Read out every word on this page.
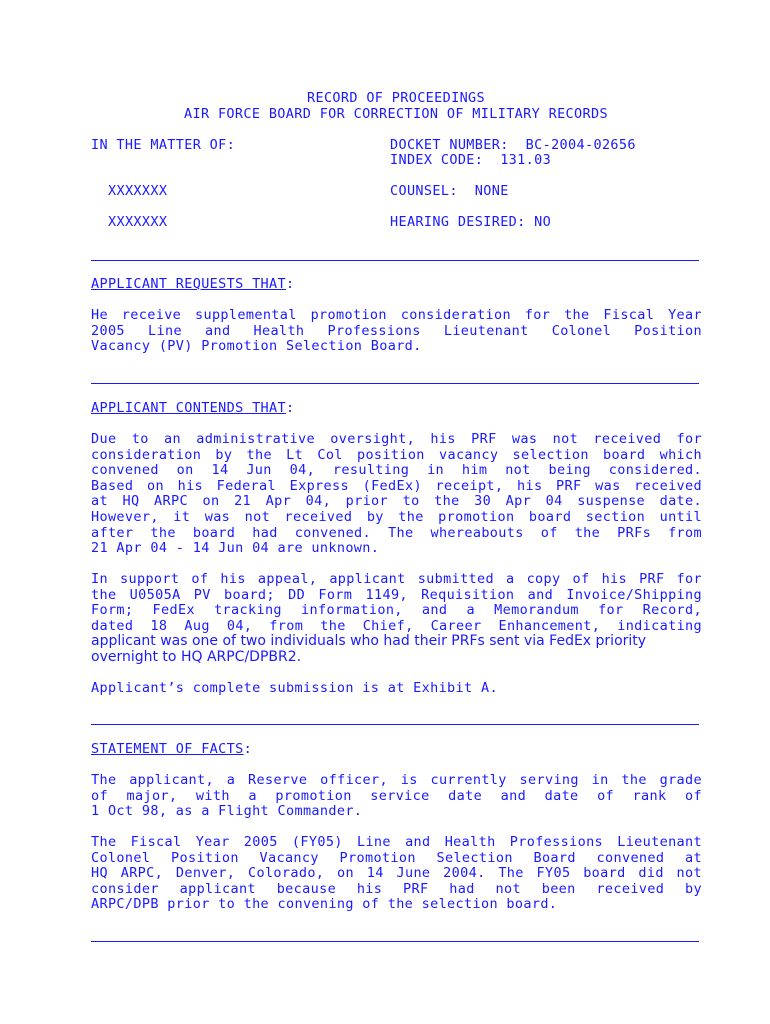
RECORD OF PROCEEDINGS
AIR FORCE BOARD FOR CORRECTION OF MILITARY RECORDS
IN THE MATTER OF:	DOCKET NUMBER:  BC-2004-02656
INDEX CODE:  131.03
XXXXXXX	COUNSEL:  NONE
XXXXXXX	HEARING DESIRED: NO
APPLICANT REQUESTS THAT:
He receive supplemental promotion consideration for the Fiscal Year
2005 Line and Health Professions Lieutenant Colonel Position
Vacancy (PV) Promotion Selection Board.
APPLICANT CONTENDS THAT:
Due to an administrative oversight, his PRF was not received for
consideration by the Lt Col position vacancy selection board which
convened on 14 Jun 04, resulting in him not being considered.
Based on his Federal Express (FedEx) receipt, his PRF was received
at HQ ARPC on 21 Apr 04, prior to the 30 Apr 04 suspense date.
However, it was not received by the promotion board section until
after the board had convened. The whereabouts of the PRFs from
21 Apr 04 - 14 Jun 04 are unknown.
In support of his appeal, applicant submitted a copy of his PRF for
the U0505A PV board; DD Form 1149, Requisition and Invoice/Shipping
Form; FedEx tracking information, and a Memorandum for Record,
dated 18 Aug 04, from the Chief, Career Enhancement, indicating
applicant was one of two individuals who had their PRFs sent via FedEx priority
overnight to HQ ARPC/DPBR2.
Applicant’s complete submission is at Exhibit A.
STATEMENT OF FACTS:
The applicant, a Reserve officer, is currently serving in the grade
of major, with a promotion service date and date of rank of
1 Oct 98, as a Flight Commander.
The Fiscal Year 2005 (FY05) Line and Health Professions Lieutenant
Colonel Position Vacancy Promotion Selection Board convened at
HQ ARPC, Denver, Colorado, on 14 June 2004. The FY05 board did not
consider applicant because his PRF had not been received by
ARPC/DPB prior to the convening of the selection board.
